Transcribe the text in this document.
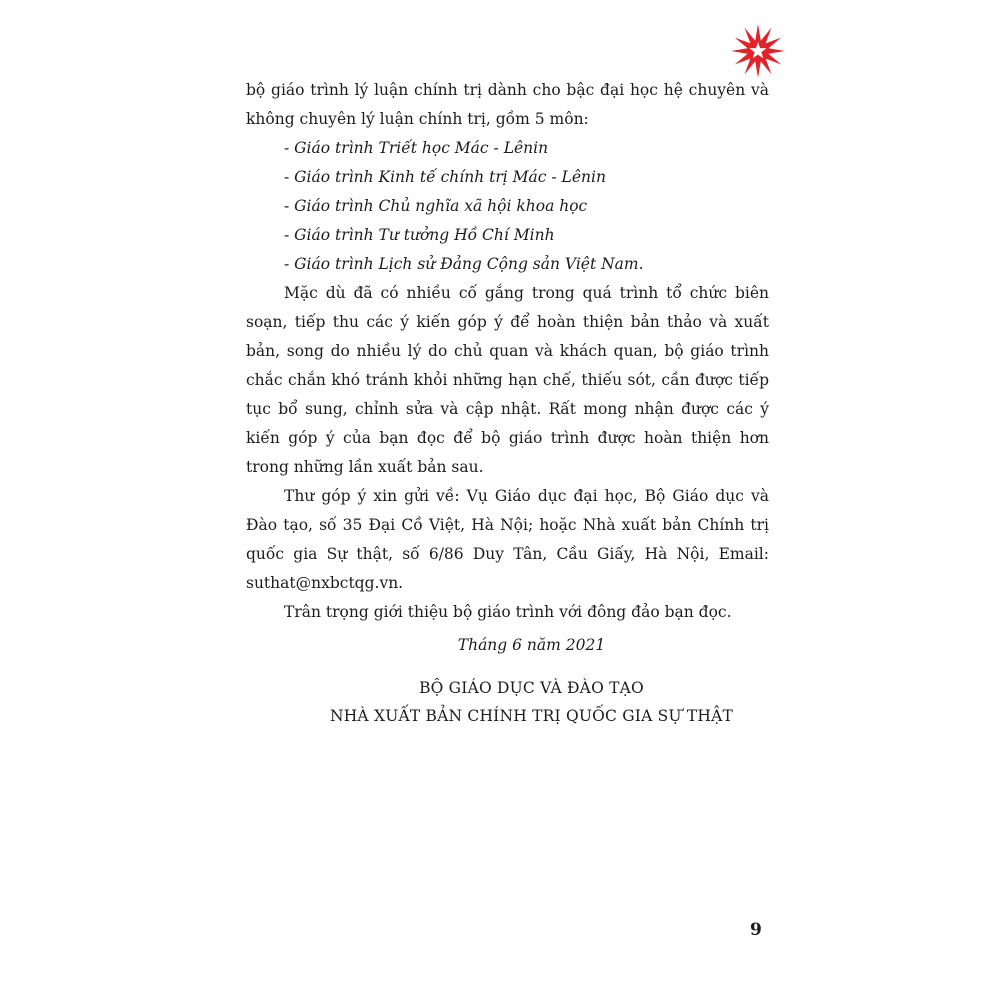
bộ giáo trình lý luận chính trị dành cho bậc đại học hệ chuyên và không chuyên lý luận chính trị, gồm 5 môn:

- Giáo trình Triết học Mác - Lênin
- Giáo trình Kinh tế chính trị Mác - Lênin
- Giáo trình Chủ nghĩa xã hội khoa học
- Giáo trình Tư tưởng Hồ Chí Minh
- Giáo trình Lịch sử Đảng Cộng sản Việt Nam.

Mặc dù đã có nhiều cố gắng trong quá trình tổ chức biên soạn, tiếp thu các ý kiến góp ý để hoàn thiện bản thảo và xuất bản, song do nhiều lý do chủ quan và khách quan, bộ giáo trình chắc chắn khó tránh khỏi những hạn chế, thiếu sót, cần được tiếp tục bổ sung, chỉnh sửa và cập nhật. Rất mong nhận được các ý kiến góp ý của bạn đọc để bộ giáo trình được hoàn thiện hơn trong những lần xuất bản sau.

Thư góp ý xin gửi về: Vụ Giáo dục đại học, Bộ Giáo dục và Đào tạo, số 35 Đại Cồ Việt, Hà Nội; hoặc Nhà xuất bản Chính trị quốc gia Sự thật, số 6/86 Duy Tân, Cầu Giấy, Hà Nội, Email: suthat@nxbctqg.vn.

Trân trọng giới thiệu bộ giáo trình với đông đảo bạn đọc.

Tháng 6 năm 2021

BỘ GIÁO DỤC VÀ ĐÀO TẠO

NHÀ XUẤT BẢN CHÍNH TRỊ QUỐC GIA SỰ THẬT

9
